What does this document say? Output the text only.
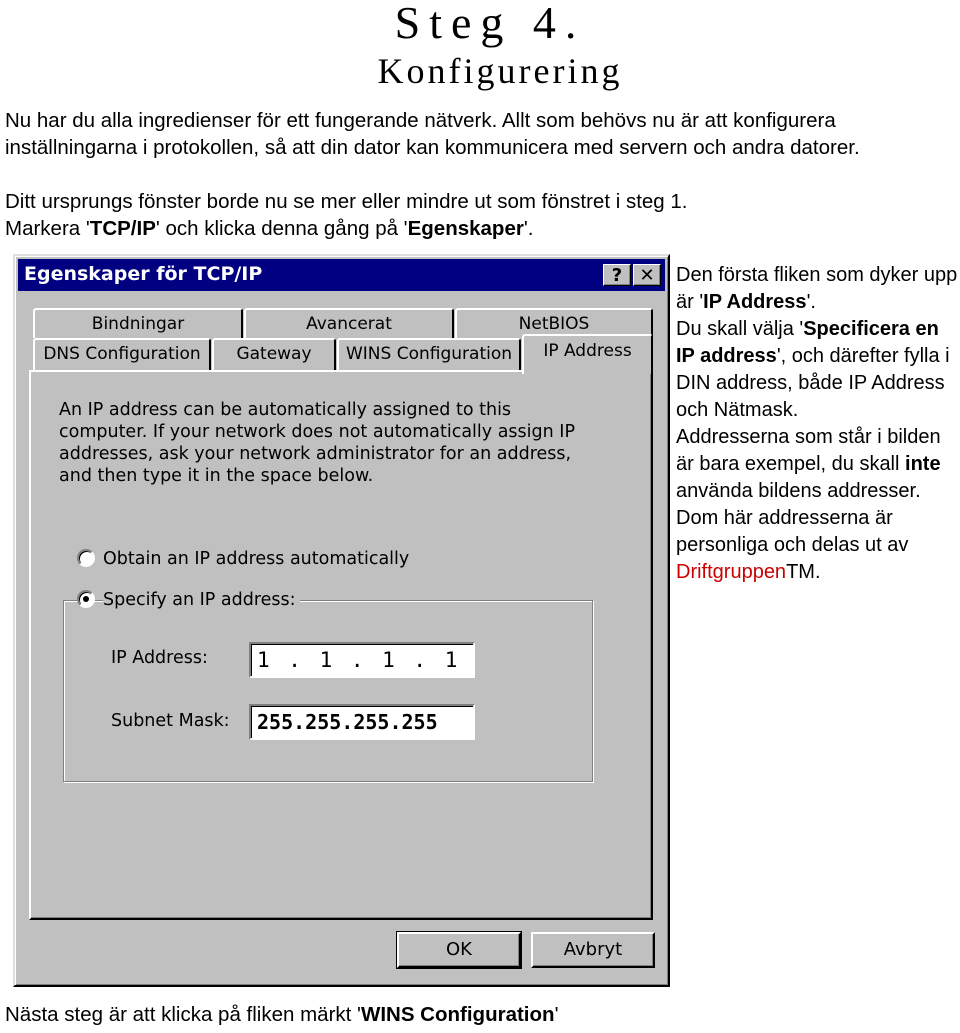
Steg 4.
Konfigurering

Nu har du alla ingredienser för ett fungerande nätverk. Allt som behövs nu är att konfigurera inställningarna i protokollen, så att din dator kan kommunicera med servern och andra datorer.

Ditt ursprungs fönster borde nu se mer eller mindre ut som fönstret i steg 1.

Markera 'TCP/IP' och klicka denna gång på 'Egenskaper'.

Egenskaper för TCP/IP	? ✕
Bindningar	Avancerat	NetBIOS
DNS Configuration	Gateway	WINS Configuration	IP Address

An IP address can be automatically assigned to this computer. If your network does not automatically assign IP addresses, ask your network administrator for an address, and then type it in the space below.

Obtain an IP address automatically
Specify an IP address:
IP Address:	1 . 1 . 1 . 1
Subnet Mask:	255.255.255.255
OK	Avbryt
Den första fliken som dyker upp är 'IP Address'.
Du skall välja 'Specificera en IP address', och därefter fylla i DIN address, både IP Address och Nätmask.
Addresserna som står i bilden är bara exempel, du skall inte använda bildens addresser. Dom här addresserna är personliga och delas ut av DriftgruppenTM.
Nästa steg är att klicka på fliken märkt 'WINS Configuration'
